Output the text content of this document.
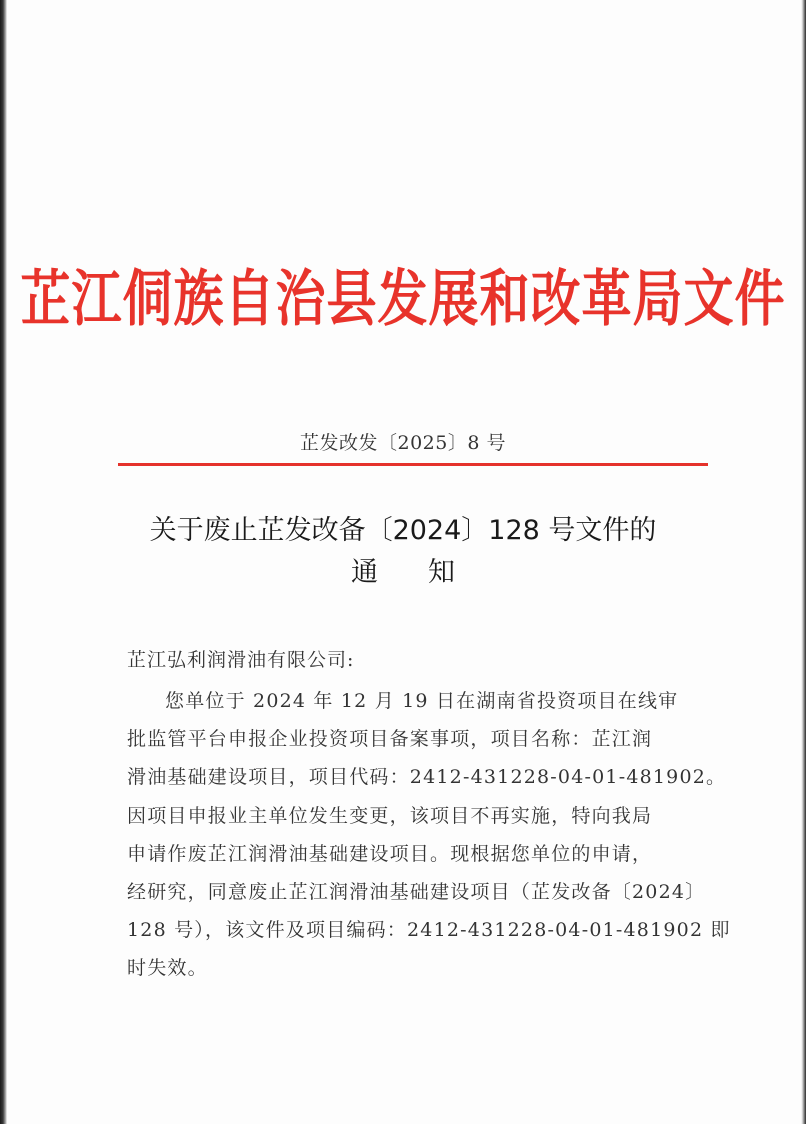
芷江侗族自治县发展和改革局文件
芷发改发〔2025〕8 号
关于废止芷发改备〔2024〕128 号文件的
通知
芷江弘利润滑油有限公司:
您单位于 2024 年 12 月 19 日在湖南省投资项目在线审
批监管平台申报企业投资项目备案事项，项目名称：芷江润
滑油基础建设项目，项目代码：2412-431228-04-01-481902。
因项目申报业主单位发生变更，该项目不再实施，特向我局
申请作废芷江润滑油基础建设项目。现根据您单位的申请，
经研究，同意废止芷江润滑油基础建设项目（芷发改备〔2024〕
128 号），该文件及项目编码：2412-431228-04-01-481902 即
时失效。
